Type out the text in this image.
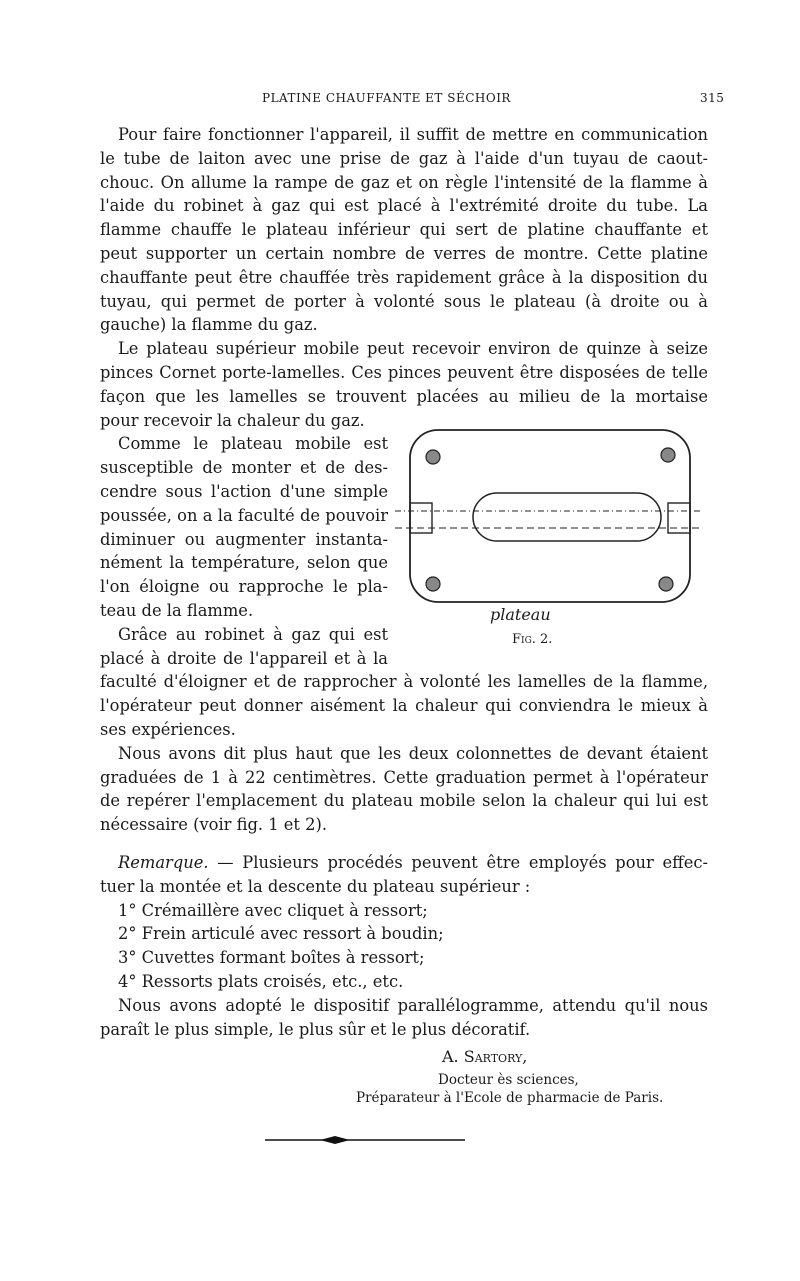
PLATINE CHAUFFANTE ET SÉCHOIR	315
Pour faire fonctionner l'appareil, il suffit de mettre en communication
le tube de laiton avec une prise de gaz à l'aide d'un tuyau de caout-
chouc. On allume la rampe de gaz et on règle l'intensité de la flamme à
l'aide du robinet à gaz qui est placé à l'extrémité droite du tube. La
flamme chauffe le plateau inférieur qui sert de platine chauffante et
peut supporter un certain nombre de verres de montre. Cette platine
chauffante peut être chauffée très rapidement grâce à la disposition du
tuyau, qui permet de porter à volonté sous le plateau (à droite ou à
gauche) la flamme du gaz.
Le plateau supérieur mobile peut recevoir environ de quinze à seize
pinces Cornet porte-lamelles. Ces pinces peuvent être disposées de telle
façon que les lamelles se trouvent placées au milieu de la mortaise
pour recevoir la chaleur du gaz.
Comme le plateau mobile est
susceptible de monter et de des-
cendre sous l'action d'une simple
poussée, on a la faculté de pouvoir
diminuer ou augmenter instanta-
nément la température, selon que
l'on éloigne ou rapproche le pla-
teau de la flamme.
Grâce au robinet à gaz qui est
placé à droite de l'appareil et à la
faculté d'éloigner et de rapprocher à volonté les lamelles de la flamme,
l'opérateur peut donner aisément la chaleur qui conviendra le mieux à
ses expériences.
Nous avons dit plus haut que les deux colonnettes de devant étaient
graduées de 1 à 22 centimètres. Cette graduation permet à l'opérateur
de repérer l'emplacement du plateau mobile selon la chaleur qui lui est
nécessaire (voir fig. 1 et 2).
Remarque. — Plusieurs procédés peuvent être employés pour effec-
tuer la montée et la descente du plateau supérieur :
1° Crémaillère avec cliquet à ressort;
2° Frein articulé avec ressort à boudin;
3° Cuvettes formant boîtes à ressort;
4° Ressorts plats croisés, etc., etc.
Nous avons adopté le dispositif parallélogramme, attendu qu'il nous
paraît le plus simple, le plus sûr et le plus décoratif.
plateau
Fig. 2.
A. Sartory,
Docteur ès sciences,
Préparateur à l'Ecole de pharmacie de Paris.
